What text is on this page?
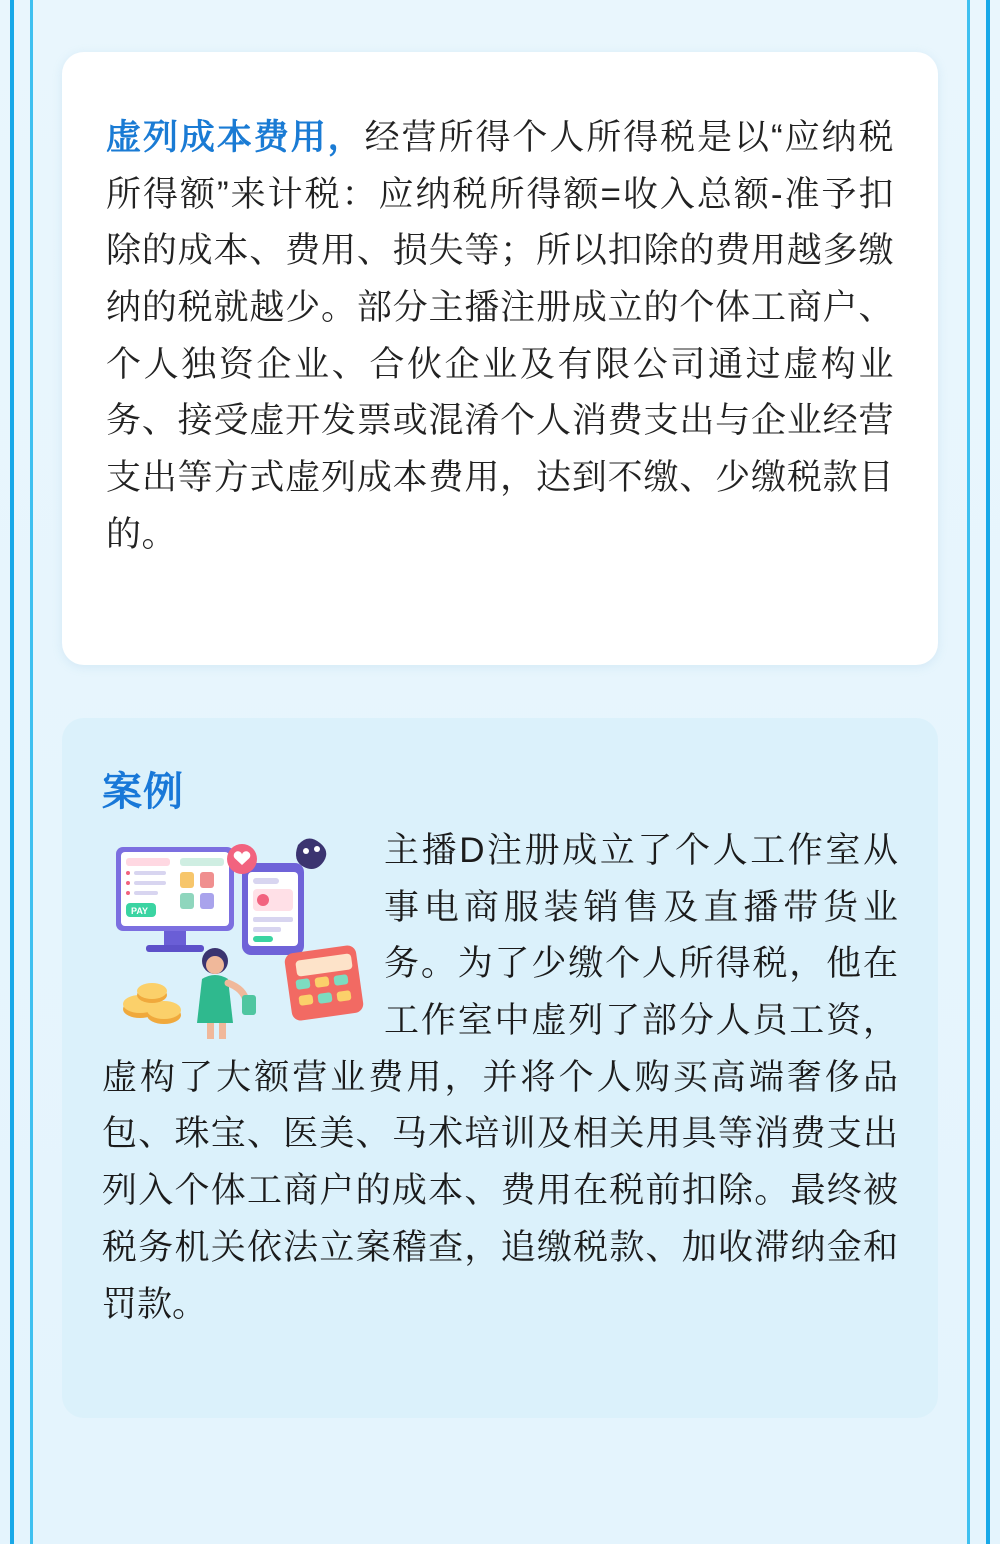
虚列成本费用，经营所得个人所得税是以“应纳税所得额”来计税：应纳税所得额=收入总额-准予扣除的成本、费用、损失等；所以扣除的费用越多缴纳的税就越少。部分主播注册成立的个体工商户、个人独资企业、合伙企业及有限公司通过虚构业务、接受虚开发票或混淆个人消费支出与企业经营支出等方式虚列成本费用，达到不缴、少缴税款目的。

案例
PAY

主播D注册成立了个人工作室从事电商服装销售及直播带货业务。为了少缴个人所得税，他在工作室中虚列了部分人员工资，虚构了大额营业费用，并将个人购买高端奢侈品包、珠宝、医美、马术培训及相关用具等消费支出列入个体工商户的成本、费用在税前扣除。最终被税务机关依法立案稽查，追缴税款、加收滞纳金和罚款。
